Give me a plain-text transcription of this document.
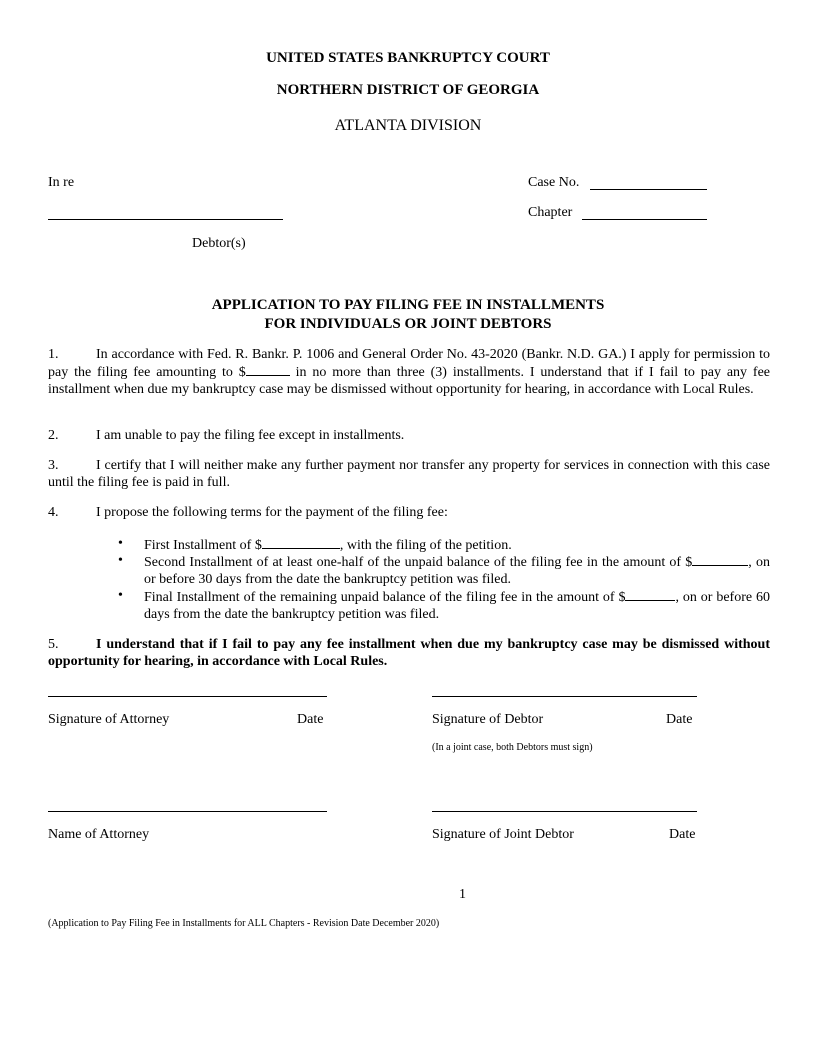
UNITED STATES BANKRUPTCY COURT
NORTHERN DISTRICT OF GEORGIA
ATLANTA DIVISION
In re	Case No.
Chapter
Debtor(s)
APPLICATION TO PAY FILING FEE IN INSTALLMENTS
FOR INDIVIDUALS OR JOINT DEBTORS
1.	In accordance with Fed. R. Bankr. P. 1006 and General Order No. 43-2020 (Bankr. N.D. GA.) I apply for permission to pay the filing fee amounting to $	in no more than three (3) installments. I understand that if I fail to pay any fee installment when due my bankruptcy case may be dismissed without opportunity for hearing, in accordance with Local Rules.
2.	I am unable to pay the filing fee except in installments.
3.	I certify that I will neither make any further payment nor transfer any property for services in connection with this case until the filing fee is paid in full.
4.	I propose the following terms for the payment of the filing fee:
• First Installment of $	, with the filing of the petition.
• Second Installment of at least one-half of the unpaid balance of the filing fee in the amount of $	, on or before 30 days from the date the bankruptcy petition was filed.
• Final Installment of the remaining unpaid balance of the filing fee in the amount of $	, on or before 60 days from the date the bankruptcy petition was filed.
5.	I understand that if I fail to pay any fee installment when due my bankruptcy case may be dismissed without opportunity for hearing, in accordance with Local Rules.
Signature of Attorney	Date	Signature of Debtor	Date
(In a joint case, both Debtors must sign)
Name of Attorney	Signature of Joint Debtor	Date
1
(Application to Pay Filing Fee in Installments for ALL Chapters - Revision Date December 2020)
